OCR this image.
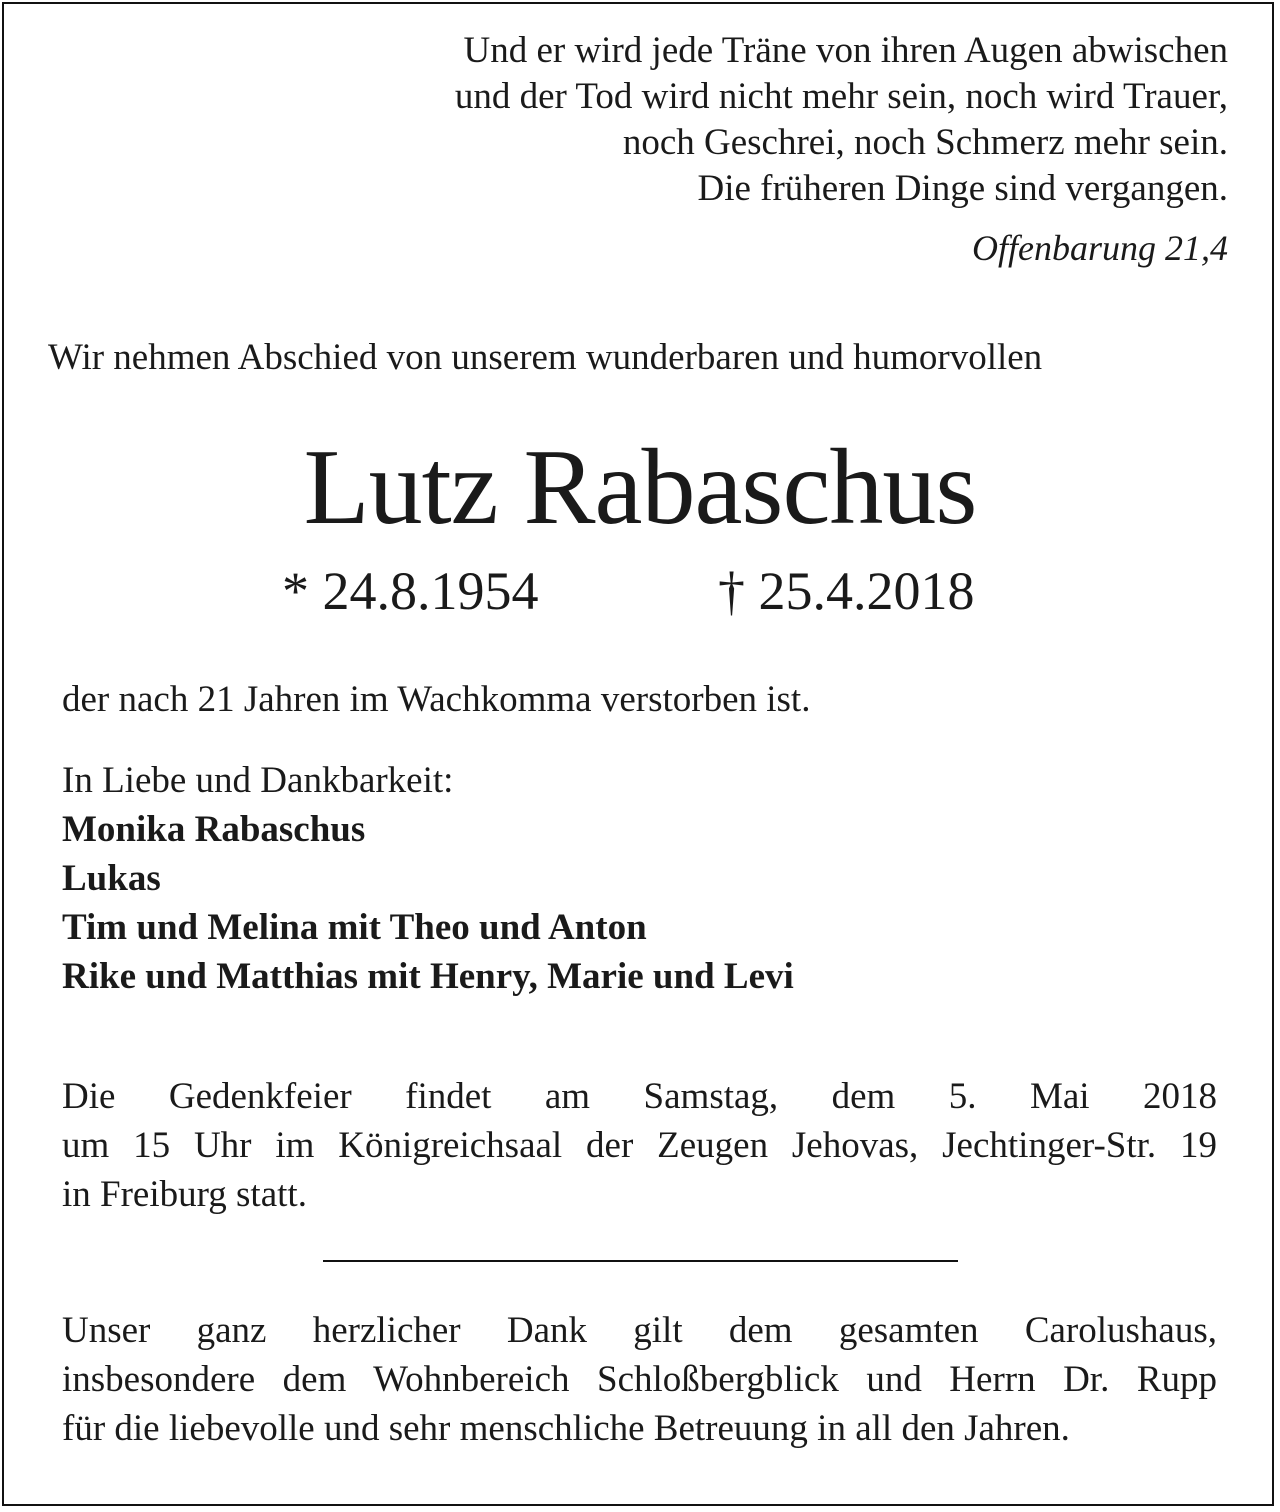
Und er wird jede Träne von ihren Augen abwischen
und der Tod wird nicht mehr sein, noch wird Trauer,
noch Geschrei, noch Schmerz mehr sein.
Die früheren Dinge sind vergangen.
Offenbarung 21,4
Wir nehmen Abschied von unserem wunderbaren und humorvollen
Lutz Rabaschus
* 24.8.1954	† 25.4.2018
der nach 21 Jahren im Wachkomma verstorben ist.
In Liebe und Dankbarkeit:
Monika Rabaschus
Lukas
Tim und Melina mit Theo und Anton
Rike und Matthias mit Henry, Marie und Levi
Die Gedenkfeier findet am Samstag, dem 5. Mai 2018
um 15 Uhr im Königreichsaal der Zeugen Jehovas, Jechtinger-Str. 19
in Freiburg statt.
Unser ganz herzlicher Dank gilt dem gesamten Carolushaus,
insbesondere dem Wohnbereich Schloßbergblick und Herrn Dr. Rupp
für die liebevolle und sehr menschliche Betreuung in all den Jahren.
